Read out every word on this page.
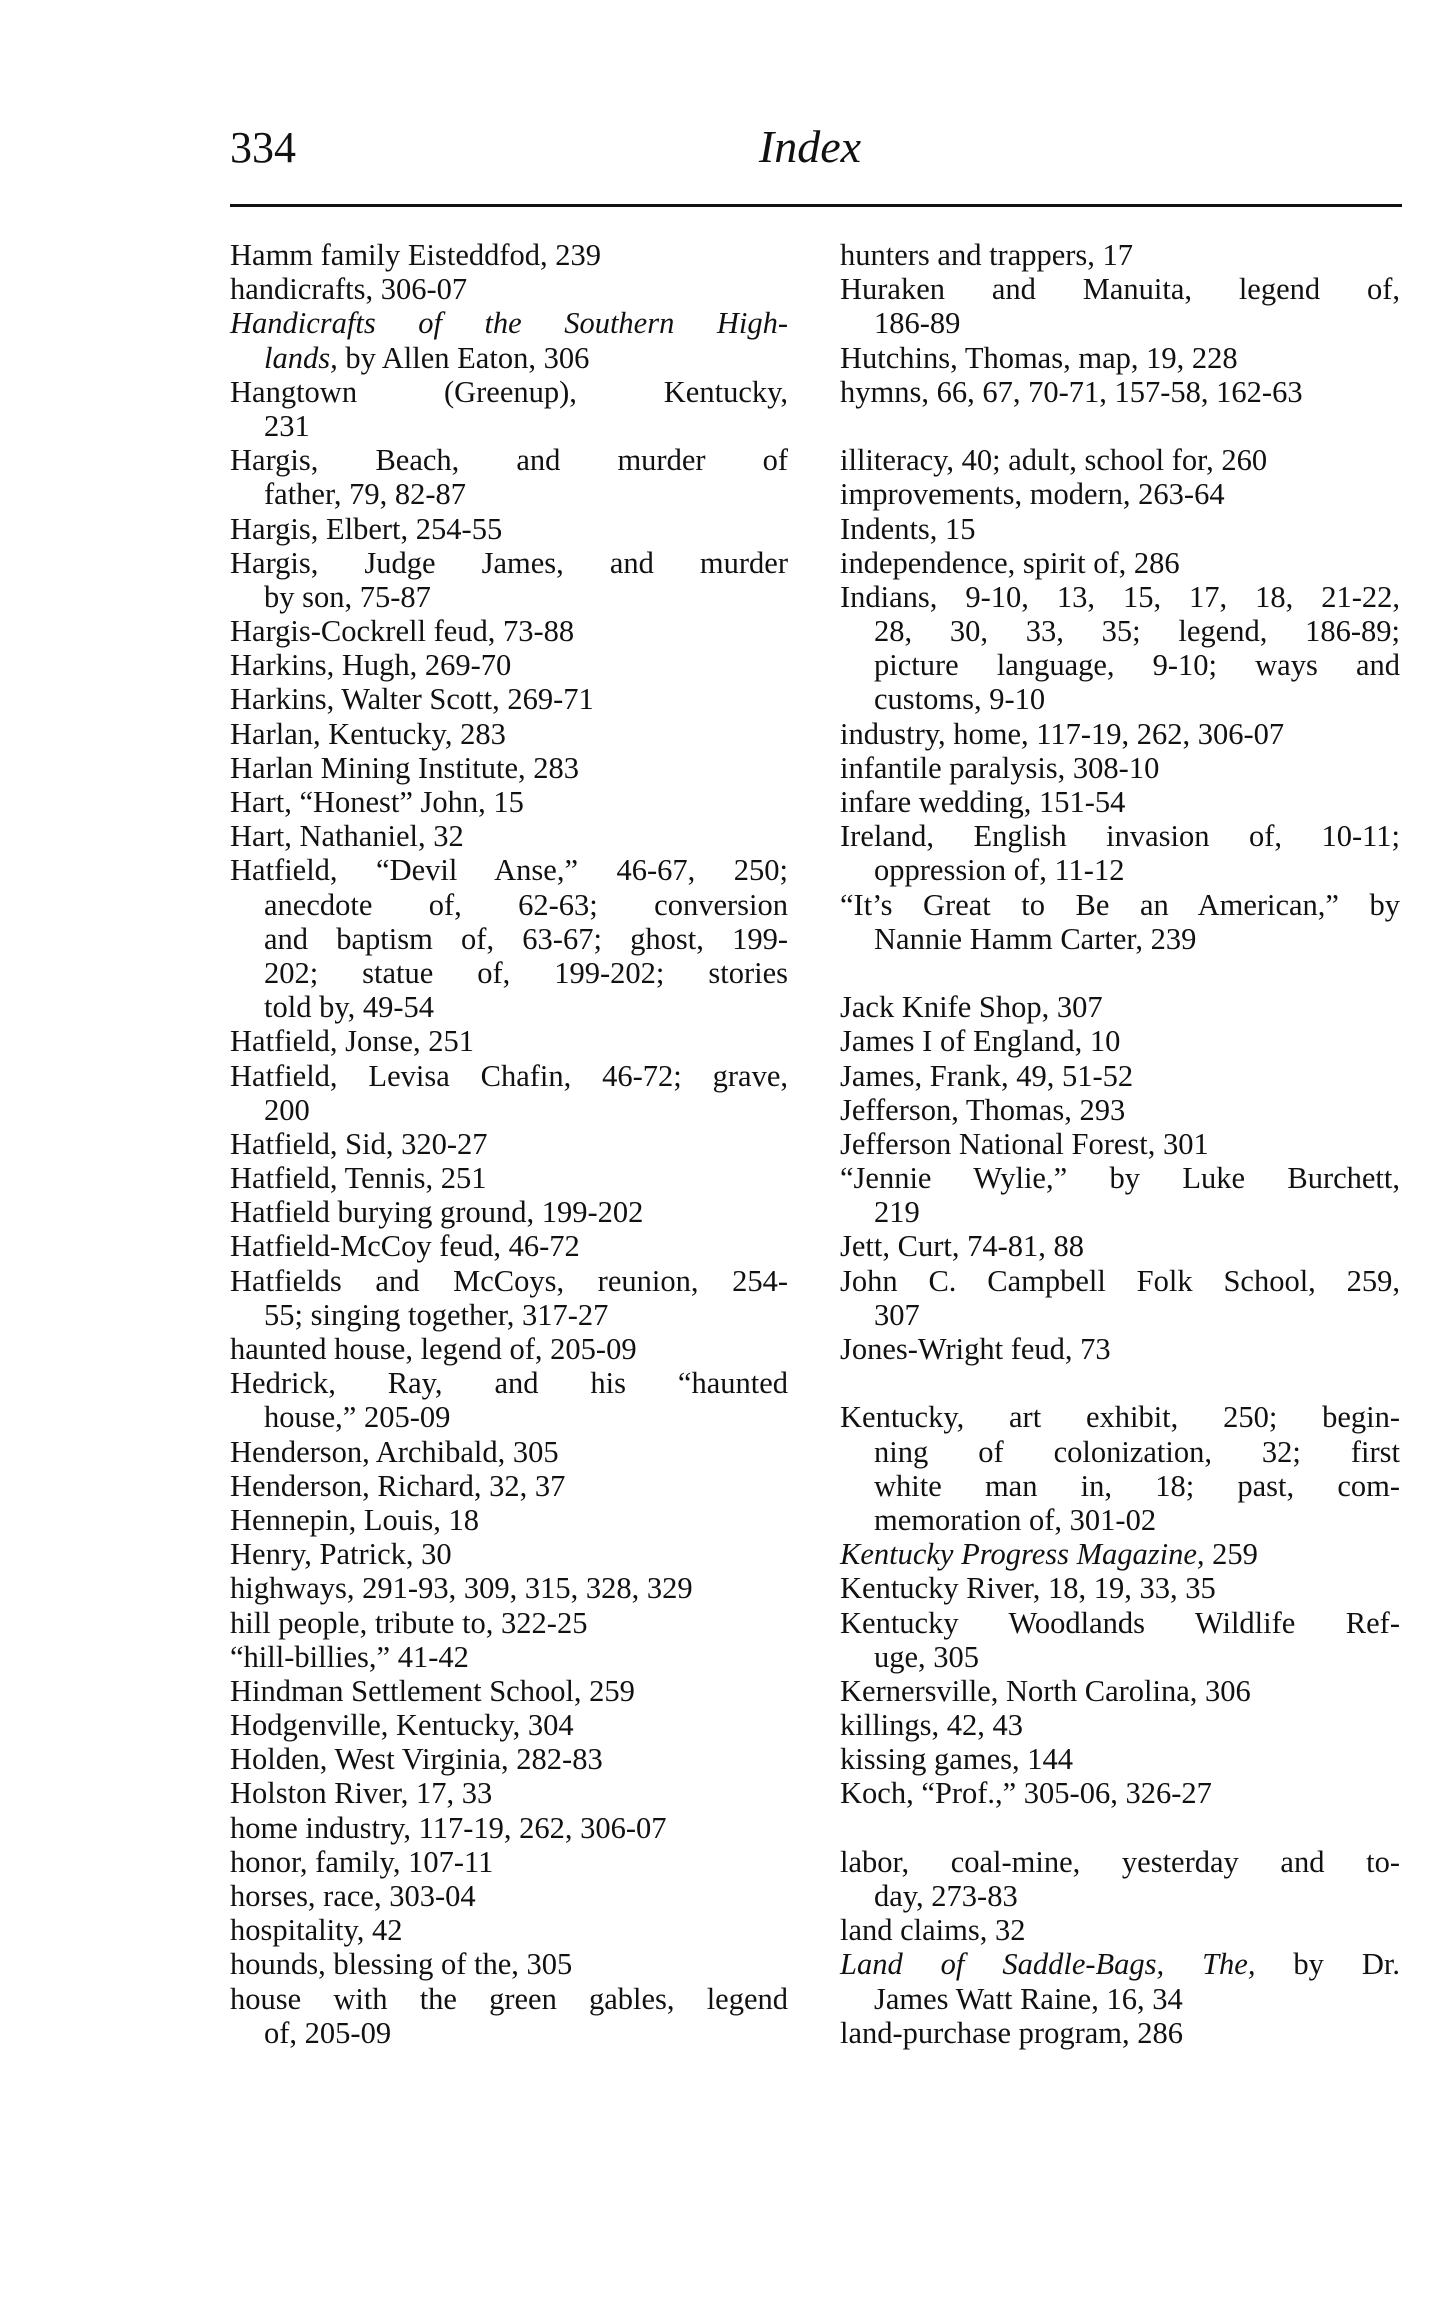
334	Index
Hamm family Eisteddfod, 239
handicrafts, 306-07
Handicrafts of the Southern High-
lands, by Allen Eaton, 306
Hangtown (Greenup), Kentucky,
231
Hargis, Beach, and murder of
father, 79, 82-87
Hargis, Elbert, 254-55
Hargis, Judge James, and murder
by son, 75-87
Hargis-Cockrell feud, 73-88
Harkins, Hugh, 269-70
Harkins, Walter Scott, 269-71
Harlan, Kentucky, 283
Harlan Mining Institute, 283
Hart, “Honest” John, 15
Hart, Nathaniel, 32
Hatfield, “Devil Anse,” 46-67, 250;
anecdote of, 62-63; conversion
and baptism of, 63-67; ghost, 199-
202; statue of, 199-202; stories
told by, 49-54
Hatfield, Jonse, 251
Hatfield, Levisa Chafin, 46-72; grave,
200
Hatfield, Sid, 320-27
Hatfield, Tennis, 251
Hatfield burying ground, 199-202
Hatfield-McCoy feud, 46-72
Hatfields and McCoys, reunion, 254-
55; singing together, 317-27
haunted house, legend of, 205-09
Hedrick, Ray, and his “haunted
house,” 205-09
Henderson, Archibald, 305
Henderson, Richard, 32, 37
Hennepin, Louis, 18
Henry, Patrick, 30
highways, 291-93, 309, 315, 328, 329
hill people, tribute to, 322-25
“hill-billies,” 41-42
Hindman Settlement School, 259
Hodgenville, Kentucky, 304
Holden, West Virginia, 282-83
Holston River, 17, 33
home industry, 117-19, 262, 306-07
honor, family, 107-11
horses, race, 303-04
hospitality, 42
hounds, blessing of the, 305
house with the green gables, legend
of, 205-09
hunters and trappers, 17
Huraken and Manuita, legend of,
186-89
Hutchins, Thomas, map, 19, 228
hymns, 66, 67, 70-71, 157-58, 162-63
illiteracy, 40; adult, school for, 260
improvements, modern, 263-64
Indents, 15
independence, spirit of, 286
Indians, 9-10, 13, 15, 17, 18, 21-22,
28, 30, 33, 35; legend, 186-89;
picture language, 9-10; ways and
customs, 9-10
industry, home, 117-19, 262, 306-07
infantile paralysis, 308-10
infare wedding, 151-54
Ireland, English invasion of, 10-11;
oppression of, 11-12
“It’s Great to Be an American,” by
Nannie Hamm Carter, 239
Jack Knife Shop, 307
James I of England, 10
James, Frank, 49, 51-52
Jefferson, Thomas, 293
Jefferson National Forest, 301
“Jennie Wylie,” by Luke Burchett,
219
Jett, Curt, 74-81, 88
John C. Campbell Folk School, 259,
307
Jones-Wright feud, 73
Kentucky, art exhibit, 250; begin-
ning of colonization, 32; first
white man in, 18; past, com-
memoration of, 301-02
Kentucky Progress Magazine, 259
Kentucky River, 18, 19, 33, 35
Kentucky Woodlands Wildlife Ref-
uge, 305
Kernersville, North Carolina, 306
killings, 42, 43
kissing games, 144
Koch, “Prof.,” 305-06, 326-27
labor, coal-mine, yesterday and to-
day, 273-83
land claims, 32
Land of Saddle-Bags, The, by Dr.
James Watt Raine, 16, 34
land-purchase program, 286
